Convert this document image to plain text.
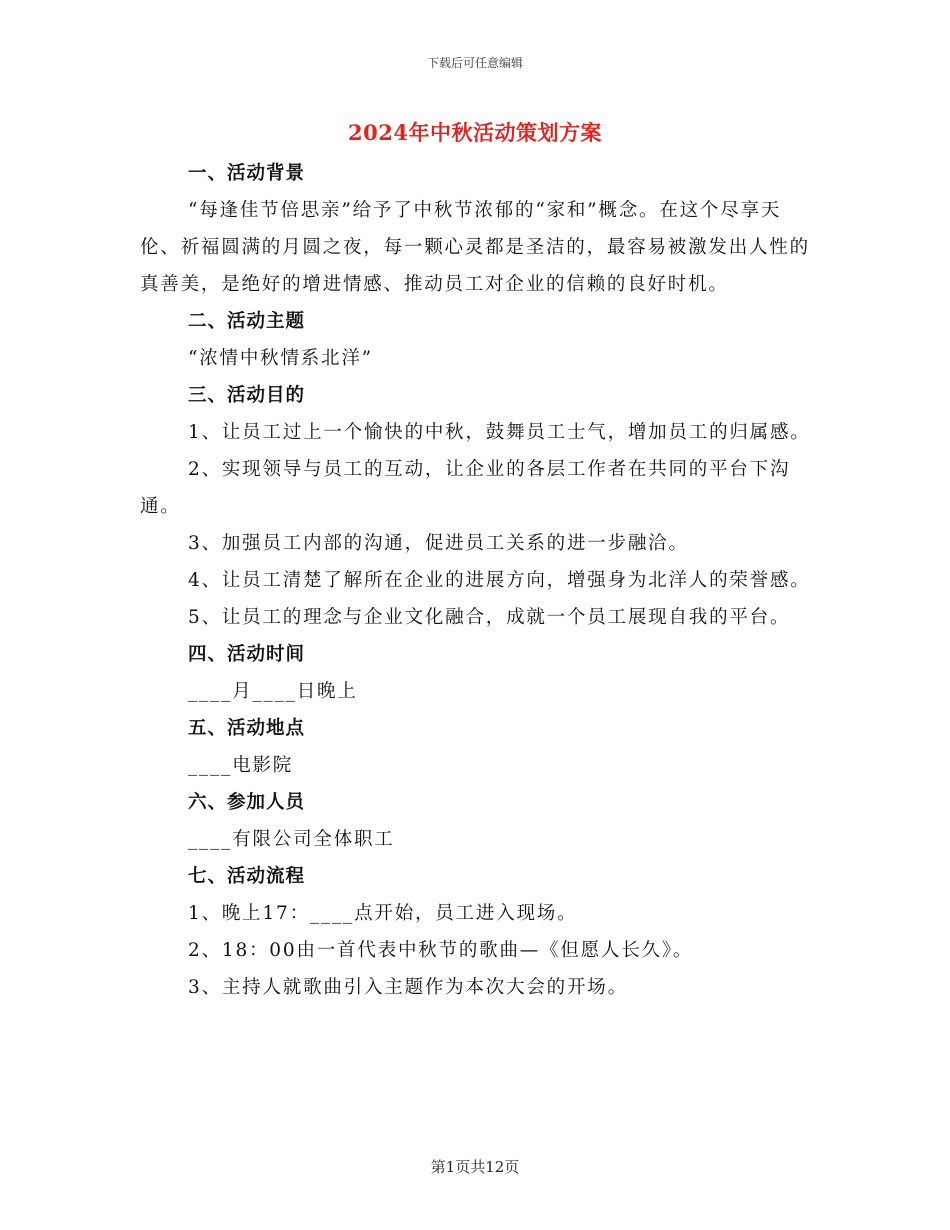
下载后可任意编辑
2024年中秋活动策划方案
一、活动背景

“每逢佳节倍思亲”给予了中秋节浓郁的“家和”概念。在这个尽享天伦、祈福圆满的月圆之夜，每一颗心灵都是圣洁的，最容易被激发出人性的真善美，是绝好的增进情感、推动员工对企业的信赖的良好时机。

二、活动主题

“浓情中秋情系北洋”

三、活动目的

1、让员工过上一个愉快的中秋，鼓舞员工士气，增加员工的归属感。

2、实现领导与员工的互动，让企业的各层工作者在共同的平台下沟通。

3、加强员工内部的沟通，促进员工关系的进一步融洽。

4、让员工清楚了解所在企业的进展方向，增强身为北洋人的荣誉感。

5、让员工的理念与企业文化融合，成就一个员工展现自我的平台。

四、活动时间

____月____日晚上

五、活动地点

____电影院

六、参加人员

____有限公司全体职工

七、活动流程

1、晚上17：____点开始，员工进入现场。

2、18：00由一首代表中秋节的歌曲—《但愿人长久》。

3、主持人就歌曲引入主题作为本次大会的开场。

第1页共12页
